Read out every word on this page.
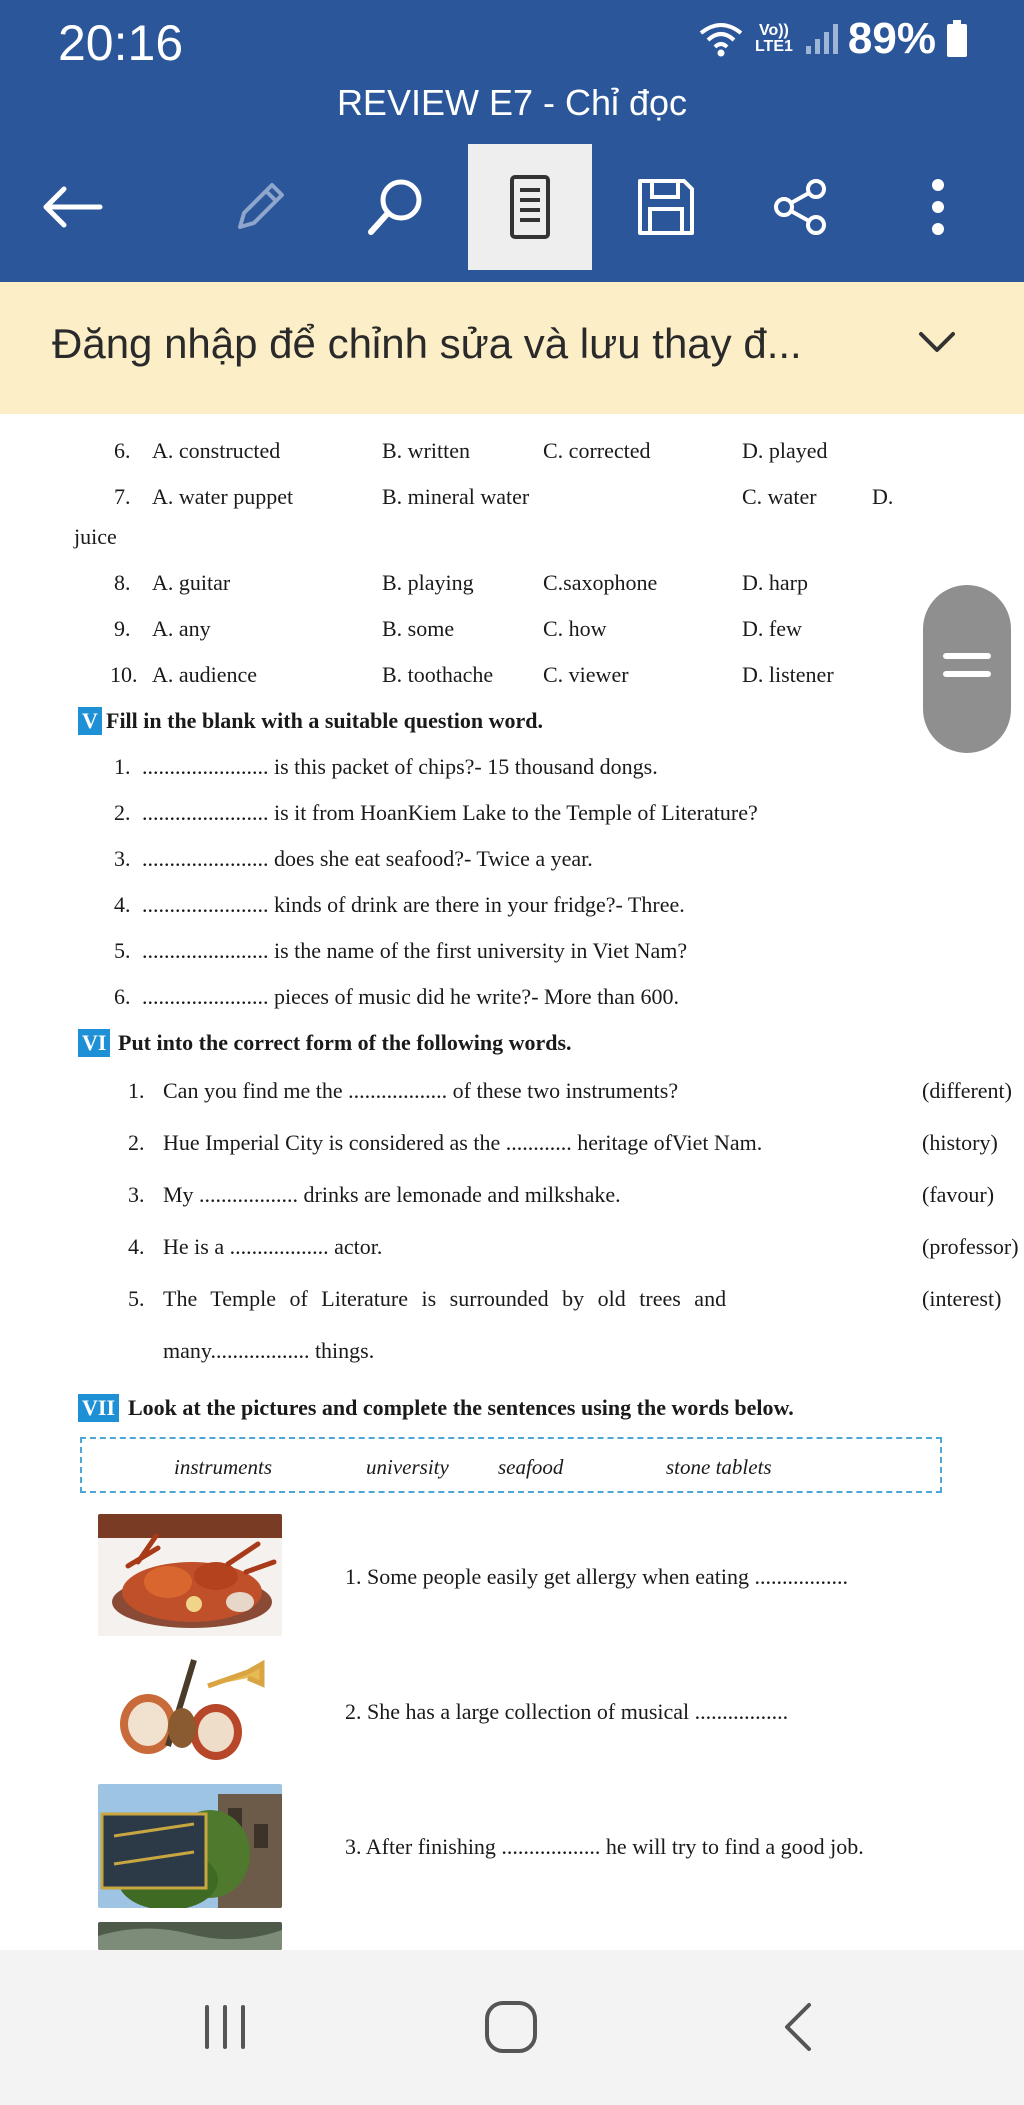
20:16	Vo)) LTE1 89%
REVIEW E7 - Chỉ đọc
Đăng nhập để chỉnh sửa và lưu thay đ...
6. A. constructed	B. written	C. corrected	D. played
7. A. water puppet	B. mineral water	C. water	D.
juice
8. A. guitar	B. playing	C.saxophone	D. harp
9. A. any	B. some	C. how	D. few
10. A. audience	B. toothache C. viewer	D. listener
V Fill in the blank with a suitable question word.
1. ....................... is this packet of chips?- 15 thousand dongs.
2. ....................... is it from HoanKiem Lake to the Temple of Literature?
3. ....................... does she eat seafood?- Twice a year.
4. ....................... kinds of drink are there in your fridge?- Three.
5. ....................... is the name of the first university in Viet Nam?
6. ....................... pieces of music did he write?- More than 600.
VI Put into the correct form of the following words.
1. Can you find me the .................. of these two instruments?	(different)
2. Hue Imperial City is considered as the ............ heritage ofViet Nam.	(history)
3. My .................. drinks are lemonade and milkshake.	(favour)
4. He is a .................. actor.	(professor)
5. The Temple of Literature is surrounded by old trees and	(interest)
many.................. things.
VII Look at the pictures and complete the sentences using the words below.
instruments	university seafood	stone tablets
1. Some people easily get allergy when eating .................
2. She has a large collection of musical .................
3. After finishing .................. he will try to find a good job.
